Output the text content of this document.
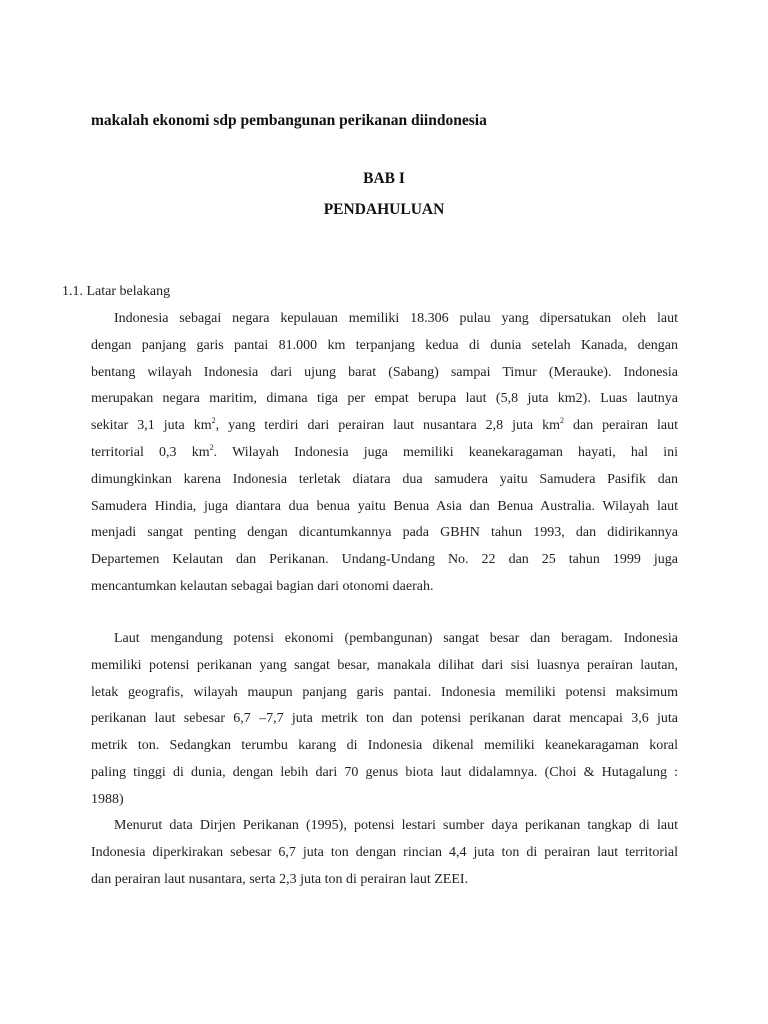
makalah ekonomi sdp pembangunan perikanan diindonesia
BAB I
PENDAHULUAN
1.1. Latar belakang
Indonesia sebagai negara kepulauan memiliki 18.306 pulau yang dipersatukan oleh laut
dengan panjang garis pantai 81.000 km terpanjang kedua di dunia setelah Kanada, dengan
bentang wilayah Indonesia dari ujung barat (Sabang) sampai Timur (Merauke). Indonesia
merupakan negara maritim, dimana tiga per empat berupa laut (5,8 juta km2). Luas lautnya
sekitar 3,1 juta $km^2$, yang terdiri dari perairan laut nusantara 2,8 juta $km^2$ dan perairan laut
territorial 0,3 $km^2$. Wilayah Indonesia juga memiliki keanekaragaman hayati, hal ini
dimungkinkan karena Indonesia terletak diatara dua samudera yaitu Samudera Pasifik dan
Samudera Hindia, juga diantara dua benua yaitu Benua Asia dan Benua Australia. Wilayah laut
menjadi sangat penting dengan dicantumkannya pada GBHN tahun 1993, dan didirikannya
Departemen Kelautan dan Perikanan. Undang-Undang No. 22 dan 25 tahun 1999 juga
mencantumkan kelautan sebagai bagian dari otonomi daerah.
Laut mengandung potensi ekonomi (pembangunan) sangat besar dan beragam. Indonesia
memiliki potensi perikanan yang sangat besar, manakala dilihat dari sisi luasnya perairan lautan,
letak geografis, wilayah maupun panjang garis pantai. Indonesia memiliki potensi maksimum
perikanan laut sebesar 6,7 –7,7 juta metrik ton dan potensi perikanan darat mencapai 3,6 juta
metrik ton. Sedangkan terumbu karang di Indonesia dikenal memiliki keanekaragaman koral
paling tinggi di dunia, dengan lebih dari 70 genus biota laut didalamnya. (Choi & Hutagalung :
1988)
Menurut data Dirjen Perikanan (1995), potensi lestari sumber daya perikanan tangkap di laut
Indonesia diperkirakan sebesar 6,7 juta ton dengan rincian 4,4 juta ton di perairan laut territorial
dan perairan laut nusantara, serta 2,3 juta ton di perairan laut ZEEI.
